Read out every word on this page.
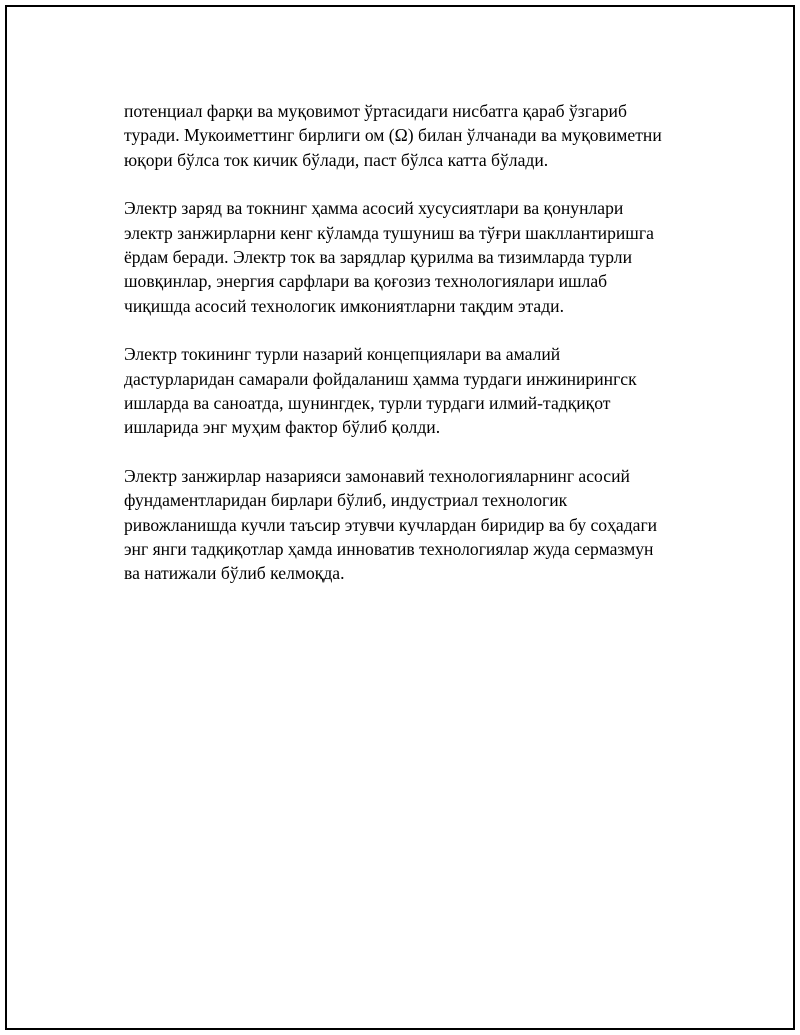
потенциал фарқи ва муқовимот ўртасидаги нисбатга қараб ўзгариб
туради. Мукоиметтинг бирлиги ом (Ω) билан ўлчанади ва муқовиметни
юқори бўлса ток кичик бўлади, паст бўлса катта бўлади.

Электр заряд ва токнинг ҳамма асосий хусусиятлари ва қонунлари
электр занжирларни кенг кўламда тушуниш ва тўғри шакллантиришга
ёрдам беради. Электр ток ва зарядлар қурилма ва тизимларда турли
шовқинлар, энергия сарфлари ва қоғозиз технологиялари ишлаб
чиқишда асосий технологик имкониятларни тақдим этади.

Электр токининг турли назарий концепциялари ва амалий
дастурларидан самарали фойдаланиш ҳамма турдаги инжинирингск
ишларда ва саноатда, шунингдек, турли турдаги илмий-тадқиқот
ишларида энг муҳим фактор бўлиб қолди.

Электр занжирлар назарияси замонавий технологияларнинг асосий
фундаментларидан бирлари бўлиб, индустриал технологик
ривожланишда кучли таъсир этувчи кучлардан биридир ва бу соҳадаги
энг янги тадқиқотлар ҳамда инноватив технологиялар жуда сермазмун
ва натижали бўлиб келмоқда.
